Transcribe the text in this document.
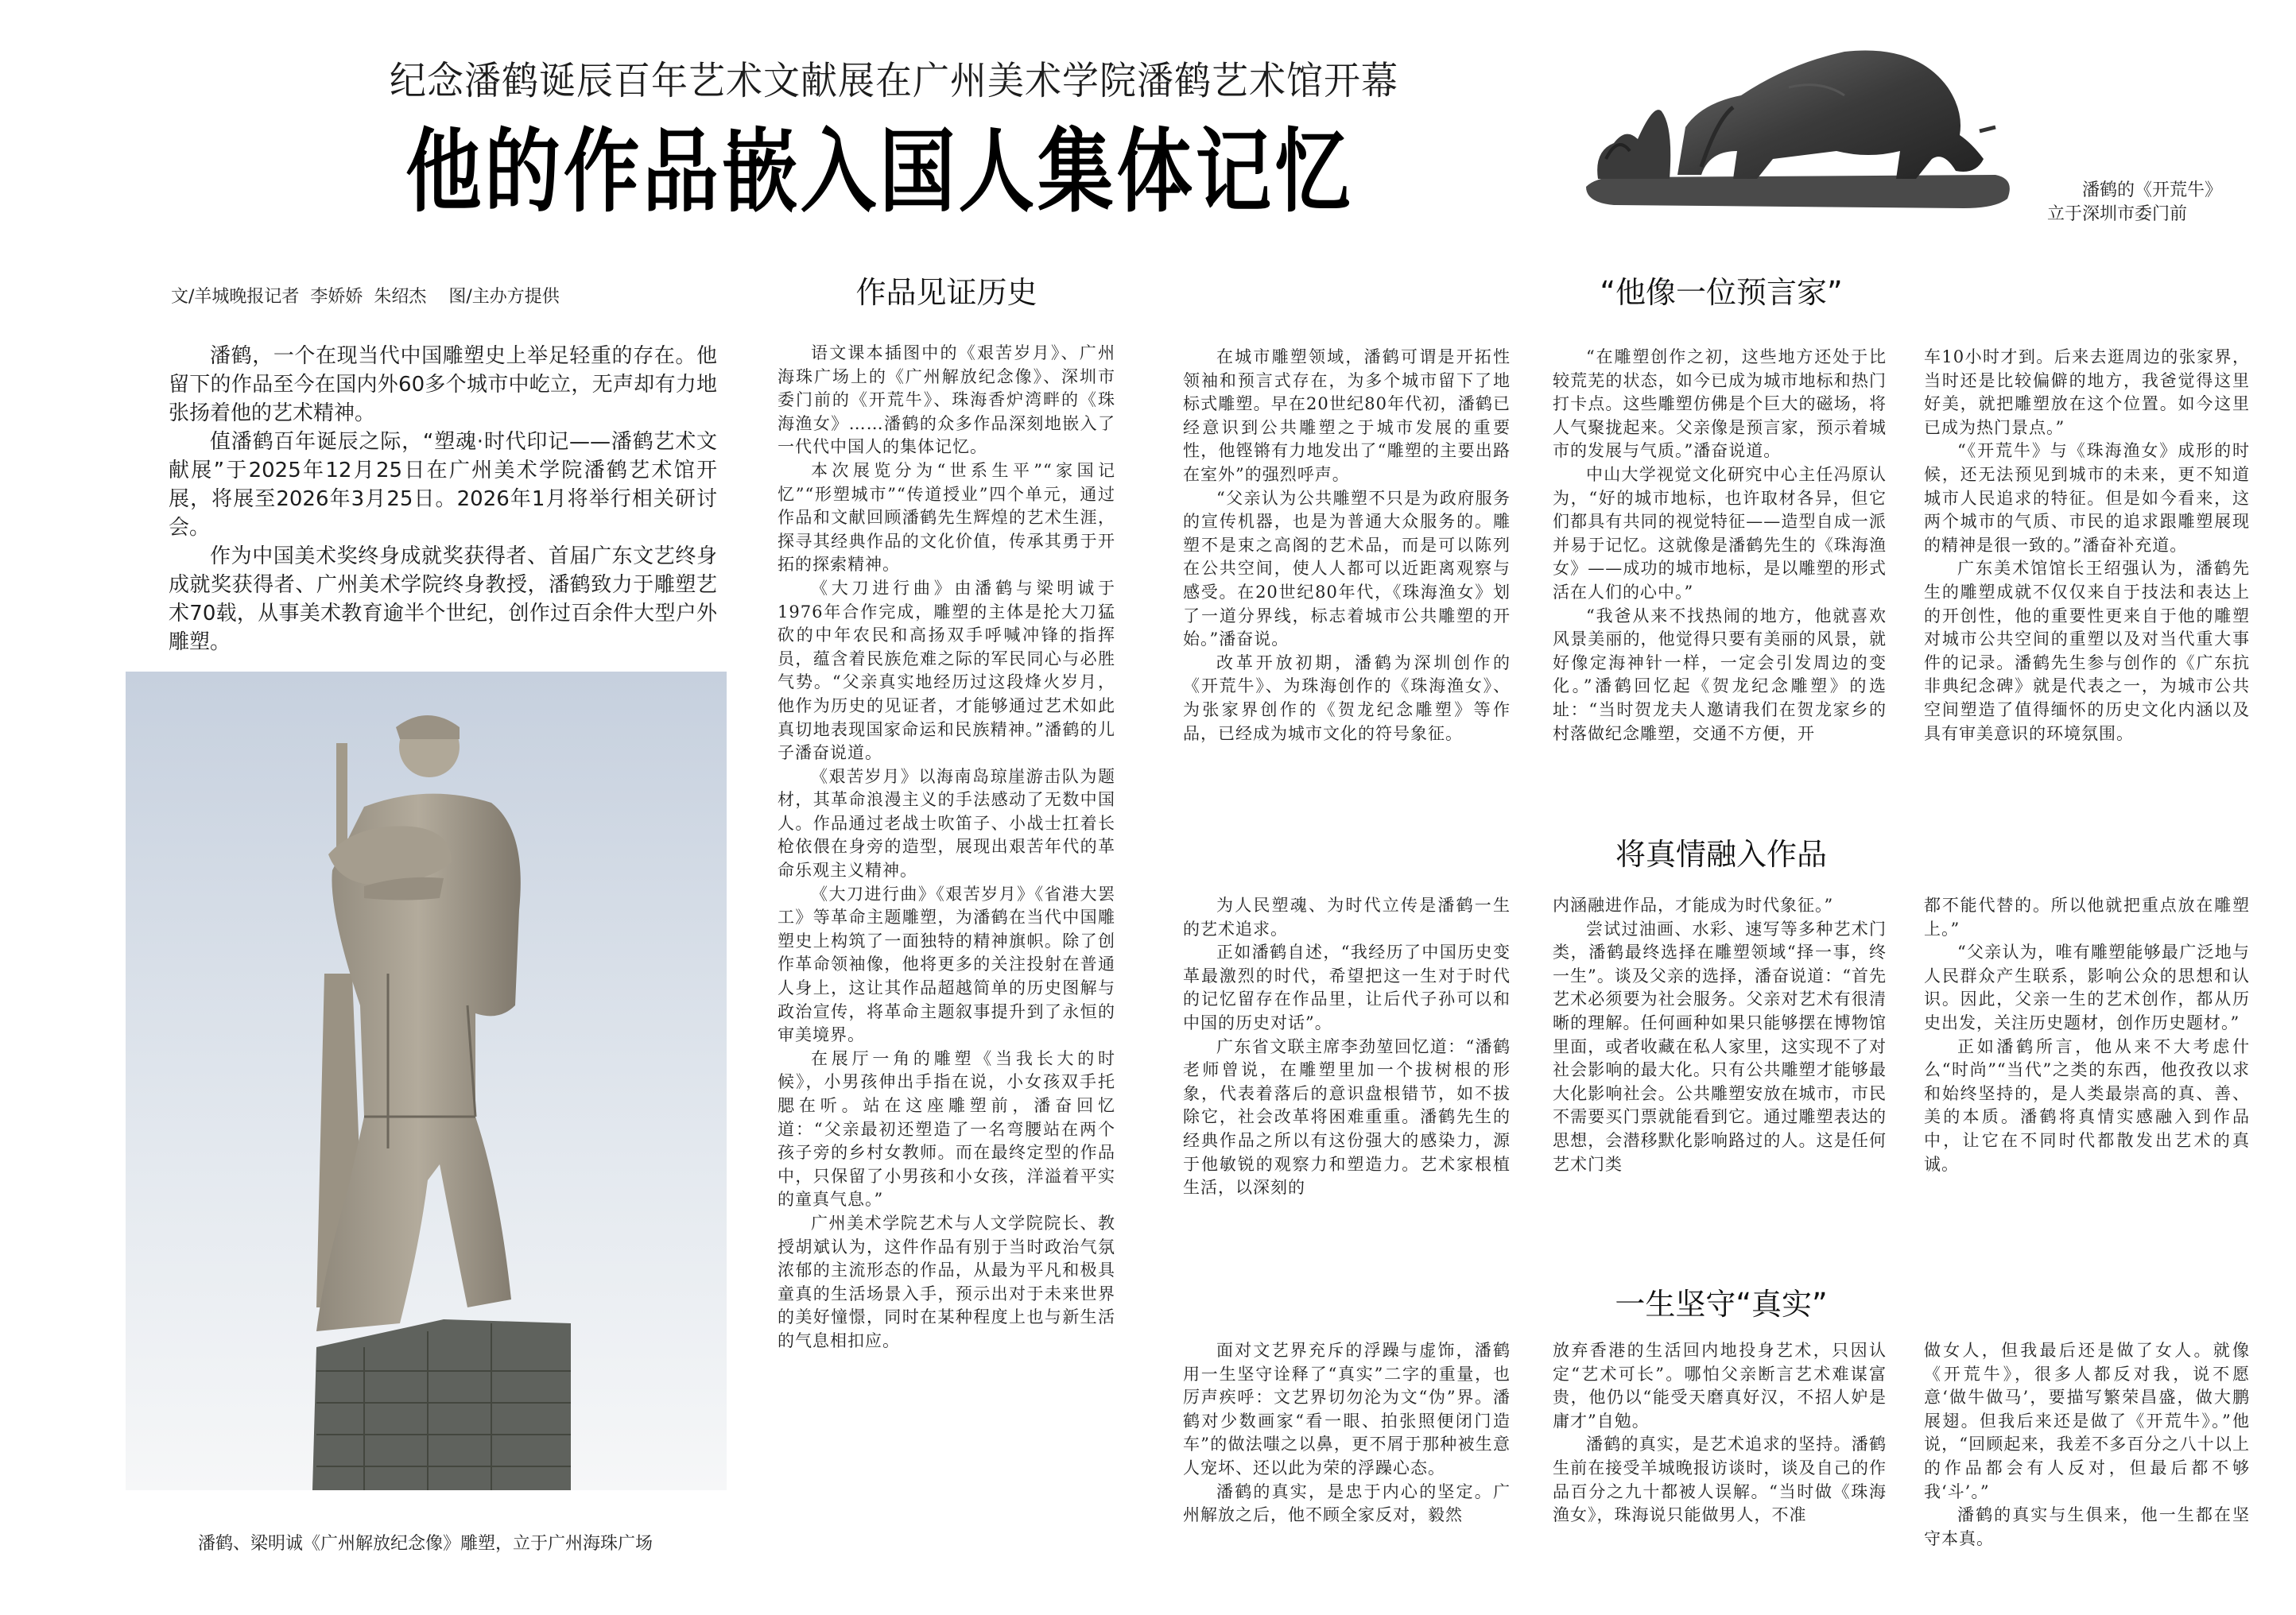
纪念潘鹤诞辰百年艺术文献展在广州美术学院潘鹤艺术馆开幕
他的作品嵌入国人集体记忆	潘鹤的《开荒牛》立于深圳市委门前
文/羊城晚报记者  李娇娇  朱绍杰    图/主办方提供

潘鹤，一个在现当代中国雕塑史上举足轻重的存在。他留下的作品至今在国内外60多个城市中屹立，无声却有力地张扬着他的艺术精神。

值潘鹤百年诞辰之际，“塑魂·时代印记——潘鹤艺术文献展”于2025年12月25日在广州美术学院潘鹤艺术馆开展，将展至2026年3月25日。2026年1月将举行相关研讨会。

作为中国美术奖终身成就奖获得者、首届广东文艺终身成就奖获得者、广州美术学院终身教授，潘鹤致力于雕塑艺术70载，从事美术教育逾半个世纪，创作过百余件大型户外雕塑。

潘鹤、梁明诚《广州解放纪念像》雕塑，立于广州海珠广场
作品见证历史	“他像一位预言家”
将真情融入作品
一生坚守“真实”

语文课本插图中的《艰苦岁月》、广州海珠广场上的《广州解放纪念像》、深圳市委门前的《开荒牛》、珠海香炉湾畔的《珠海渔女》……潘鹤的众多作品深刻地嵌入了一代代中国人的集体记忆。

本次展览分为“世系生平”“家国记忆”“形塑城市”“传道授业”四个单元，通过作品和文献回顾潘鹤先生辉煌的艺术生涯，探寻其经典作品的文化价值，传承其勇于开拓的探索精神。

《大刀进行曲》由潘鹤与梁明诚于1976年合作完成，雕塑的主体是抡大刀猛砍的中年农民和高扬双手呼喊冲锋的指挥员，蕴含着民族危难之际的军民同心与必胜气势。“父亲真实地经历过这段烽火岁月，他作为历史的见证者，才能够通过艺术如此真切地表现国家命运和民族精神。”潘鹤的儿子潘奋说道。

《艰苦岁月》以海南岛琼崖游击队为题材，其革命浪漫主义的手法感动了无数中国人。作品通过老战士吹笛子、小战士扛着长枪依偎在身旁的造型，展现出艰苦年代的革命乐观主义精神。

《大刀进行曲》《艰苦岁月》《省港大罢工》等革命主题雕塑，为潘鹤在当代中国雕塑史上构筑了一面独特的精神旗帜。除了创作革命领袖像，他将更多的关注投射在普通人身上，这让其作品超越简单的历史图解与政治宣传，将革命主题叙事提升到了永恒的审美境界。

在展厅一角的雕塑《当我长大的时候》，小男孩伸出手指在说，小女孩双手托腮在听。站在这座雕塑前，潘奋回忆道：“父亲最初还塑造了一名弯腰站在两个孩子旁的乡村女教师。而在最终定型的作品中，只保留了小男孩和小女孩，洋溢着平实的童真气息。”

广州美术学院艺术与人文学院院长、教授胡斌认为，这件作品有别于当时政治气氛浓郁的主流形态的作品，从最为平凡和极具童真的生活场景入手，预示出对于未来世界的美好憧憬，同时在某种程度上也与新生活的气息相扣应。

在城市雕塑领域，潘鹤可谓是开拓性领袖和预言式存在，为多个城市留下了地标式雕塑。早在20世纪80年代初，潘鹤已经意识到公共雕塑之于城市发展的重要性，他铿锵有力地发出了“雕塑的主要出路在室外”的强烈呼声。

“父亲认为公共雕塑不只是为政府服务的宣传机器，也是为普通大众服务的。雕塑不是束之高阁的艺术品，而是可以陈列在公共空间，使人人都可以近距离观察与感受。在20世纪80年代，《珠海渔女》划了一道分界线，标志着城市公共雕塑的开始。”潘奋说。

改革开放初期，潘鹤为深圳创作的《开荒牛》、为珠海创作的《珠海渔女》、为张家界创作的《贺龙纪念雕塑》等作品，已经成为城市文化的符号象征。

“在雕塑创作之初，这些地方还处于比较荒芜的状态，如今已成为城市地标和热门打卡点。这些雕塑仿佛是个巨大的磁场，将人气聚拢起来。父亲像是预言家，预示着城市的发展与气质。”潘奋说道。

中山大学视觉文化研究中心主任冯原认为，“好的城市地标，也许取材各异，但它们都具有共同的视觉特征——造型自成一派并易于记忆。这就像是潘鹤先生的《珠海渔女》——成功的城市地标，是以雕塑的形式活在人们的心中。”

“我爸从来不找热闹的地方，他就喜欢风景美丽的，他觉得只要有美丽的风景，就好像定海神针一样，一定会引发周边的变化。”潘鹤回忆起《贺龙纪念雕塑》的选址：“当时贺龙夫人邀请我们在贺龙家乡的村落做纪念雕塑，交通不方便，开

车10小时才到。后来去逛周边的张家界，当时还是比较偏僻的地方，我爸觉得这里好美，就把雕塑放在这个位置。如今这里已成为热门景点。”

“《开荒牛》与《珠海渔女》成形的时候，还无法预见到城市的未来，更不知道城市人民追求的特征。但是如今看来，这两个城市的气质、市民的追求跟雕塑展现的精神是很一致的。”潘奋补充道。

广东美术馆馆长王绍强认为，潘鹤先生的雕塑成就不仅仅来自于技法和表达上的开创性，他的重要性更来自于他的雕塑对城市公共空间的重塑以及对当代重大事件的记录。潘鹤先生参与创作的《广东抗非典纪念碑》就是代表之一，为城市公共空间塑造了值得缅怀的历史文化内涵以及具有审美意识的环境氛围。

为人民塑魂、为时代立传是潘鹤一生的艺术追求。

正如潘鹤自述，“我经历了中国历史变革最激烈的时代，希望把这一生对于时代的记忆留存在作品里，让后代子孙可以和中国的历史对话”。

广东省文联主席李劲堃回忆道：“潘鹤老师曾说，在雕塑里加一个拔树根的形象，代表着落后的意识盘根错节，如不拔除它，社会改革将困难重重。潘鹤先生的经典作品之所以有这份强大的感染力，源于他敏锐的观察力和塑造力。艺术家根植生活，以深刻的

内涵融进作品，才能成为时代象征。”

尝试过油画、水彩、速写等多种艺术门类，潘鹤最终选择在雕塑领域“择一事，终一生”。谈及父亲的选择，潘奋说道：“首先艺术必须要为社会服务。父亲对艺术有很清晰的理解。任何画种如果只能够摆在博物馆里面，或者收藏在私人家里，这实现不了对社会影响的最大化。只有公共雕塑才能够最大化影响社会。公共雕塑安放在城市，市民不需要买门票就能看到它。通过雕塑表达的思想，会潜移默化影响路过的人。这是任何艺术门类

都不能代替的。所以他就把重点放在雕塑上。”

“父亲认为，唯有雕塑能够最广泛地与人民群众产生联系，影响公众的思想和认识。因此，父亲一生的艺术创作，都从历史出发，关注历史题材，创作历史题材。”

正如潘鹤所言，他从来不大考虑什么“时尚”“当代”之类的东西，他孜孜以求和始终坚持的，是人类最崇高的真、善、美的本质。潘鹤将真情实感融入到作品中，让它在不同时代都散发出艺术的真诚。

面对文艺界充斥的浮躁与虚饰，潘鹤用一生坚守诠释了“真实”二字的重量，也厉声疾呼：文艺界切勿沦为文“伪”界。潘鹤对少数画家“看一眼、拍张照便闭门造车”的做法嗤之以鼻，更不屑于那种被生意人宠坏、还以此为荣的浮躁心态。

潘鹤的真实，是忠于内心的坚定。广州解放之后，他不顾全家反对，毅然

放弃香港的生活回内地投身艺术，只因认定“艺术可长”。哪怕父亲断言艺术难谋富贵，他仍以“能受天磨真好汉，不招人妒是庸才”自勉。

潘鹤的真实，是艺术追求的坚持。潘鹤生前在接受羊城晚报访谈时，谈及自己的作品百分之九十都被人误解。“当时做《珠海渔女》，珠海说只能做男人，不准

做女人，但我最后还是做了女人。就像《开荒牛》，很多人都反对我，说不愿意‘做牛做马’，要描写繁荣昌盛，做大鹏展翅。但我后来还是做了《开荒牛》。”他说，“回顾起来，我差不多百分之八十以上的作品都会有人反对，但最后都不够我‘斗’。”

潘鹤的真实与生俱来，他一生都在坚守本真。
